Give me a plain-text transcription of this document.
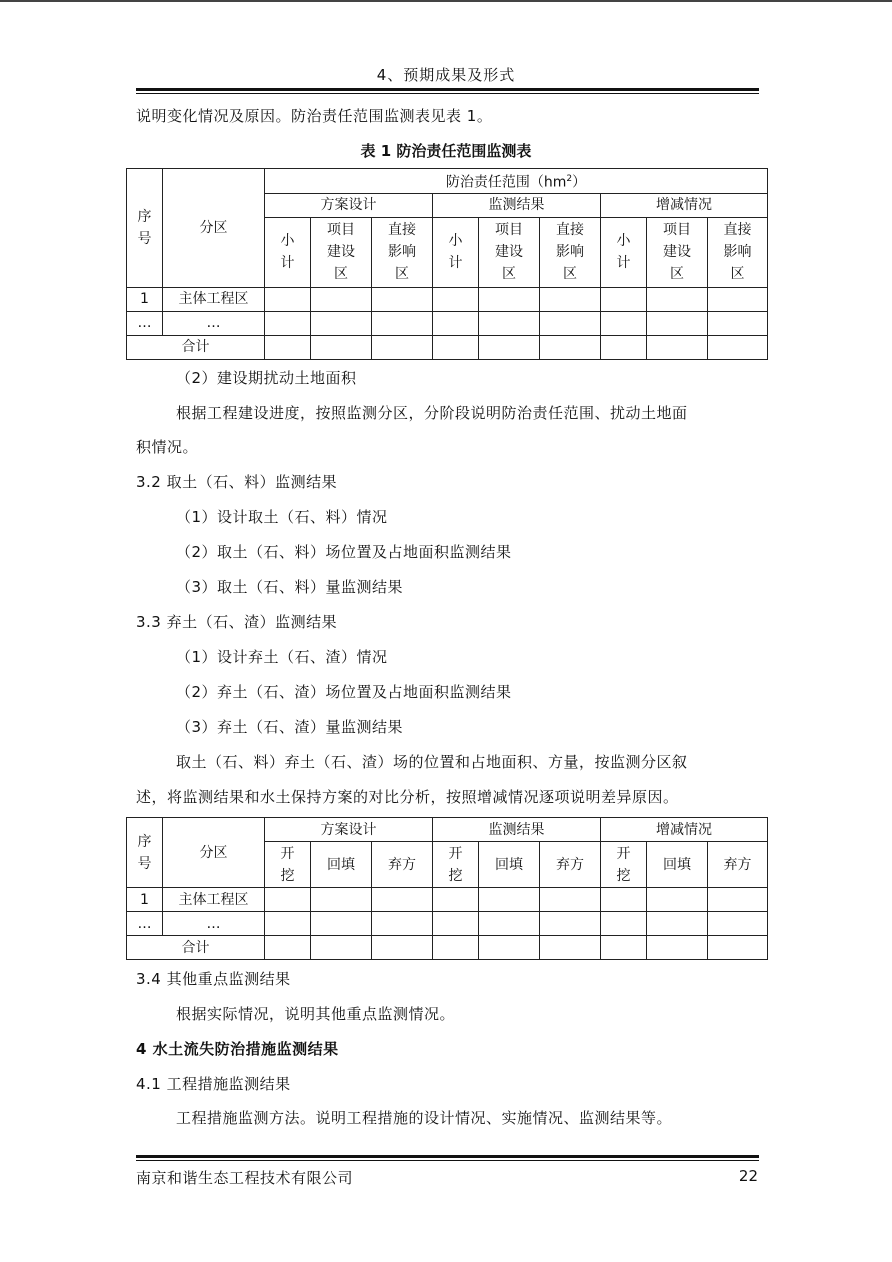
4、预期成果及形式
说明变化情况及原因。防治责任范围监测表见表 1。
表 1 防治责任范围监测表
序号	分区	防治责任范围$(hm^2)$								
		方案设计			监测结果			增减情况		
		小计	项目建设区	直接影响区	小计	项目建设区	直接影响区	小计	项目建设区	直接影响区
1	主体工程区									
…	…									
合计										
（2）建设期扰动土地面积
根据工程建设进度，按照监测分区，分阶段说明防治责任范围、扰动土地面
积情况。
3.2 取土（石、料）监测结果
（1）设计取土（石、料）情况
（2）取土（石、料）场位置及占地面积监测结果
（3）取土（石、料）量监测结果
3.3 弃土（石、渣）监测结果
（1）设计弃土（石、渣）情况
（2）弃土（石、渣）场位置及占地面积监测结果
（3）弃土（石、渣）量监测结果
取土（石、料）弃土（石、渣）场的位置和占地面积、方量，按监测分区叙
述，将监测结果和水土保持方案的对比分析，按照增减情况逐项说明差异原因。
序号	分区	方案设计			监测结果			增减情况		
		开挖	回填	弃方	开挖	回填	弃方	开挖	回填	弃方
1	主体工程区									
…	…									
合计										
3.4 其他重点监测结果
根据实际情况，说明其他重点监测情况。
4 水土流失防治措施监测结果
4.1 工程措施监测结果
工程措施监测方法。说明工程措施的设计情况、实施情况、监测结果等。
南京和谐生态工程技术有限公司	22
